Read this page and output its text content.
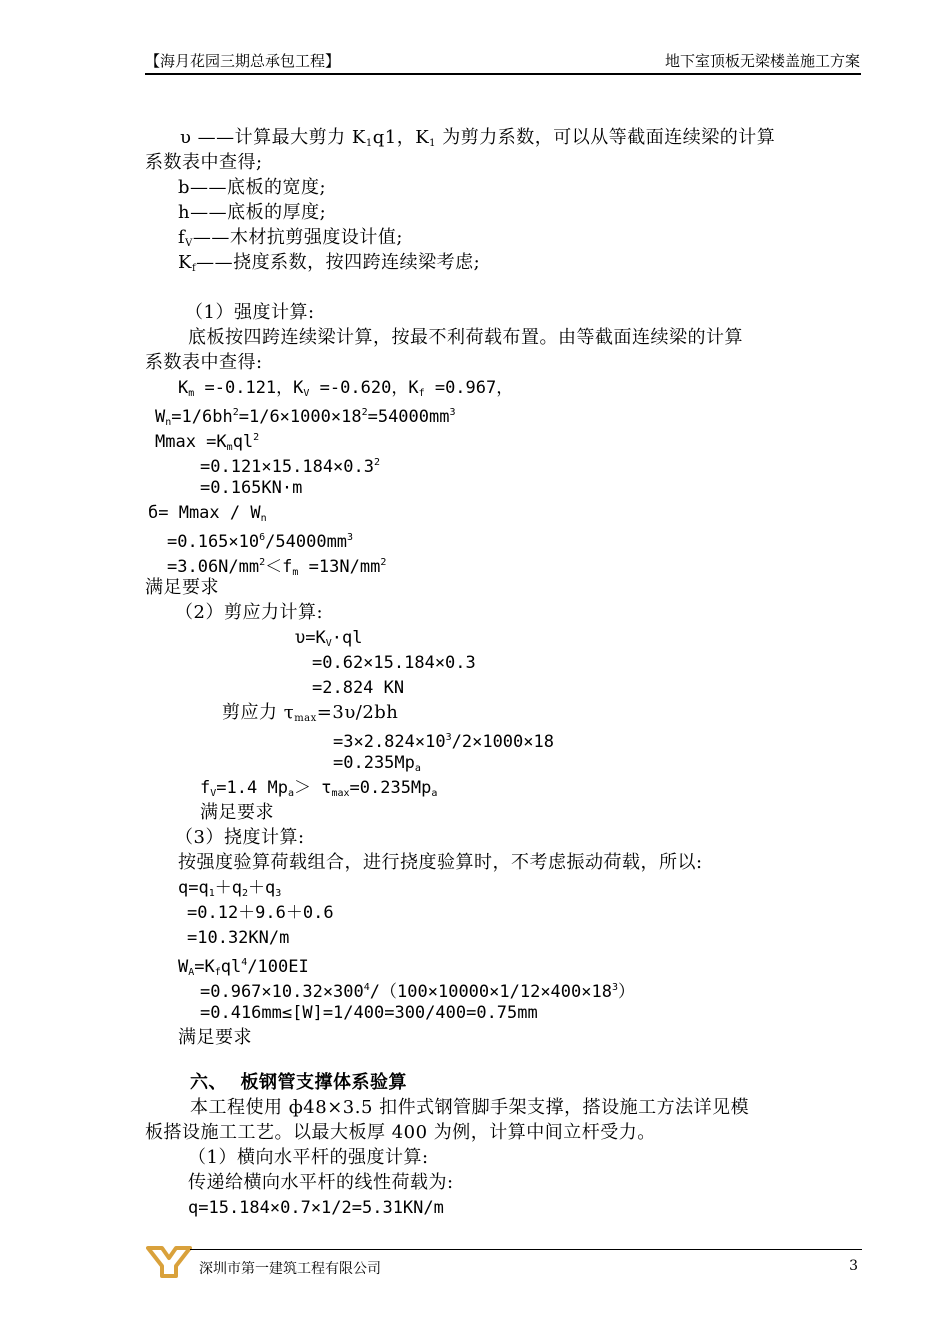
【海月花园三期总承包工程】	地下室顶板无梁楼盖施工方案
υ ——计算最大剪力 $K_1q1$，$K_1$ 为剪力系数，可以从等截面连续梁的计算
系数表中查得;
b——底板的宽度;
h——底板的厚度;
$f_V——$木材抗剪强度设计值;
$K_f——$挠度系数，按四跨连续梁考虑;
（1）强度计算:
底板按四跨连续梁计算，按最不利荷载布置。由等截面连续梁的计算
系数表中查得:
$K_m =-0.121$，$K_V =-0.620$，$K_f =0.967$，
$W_n=1/6bh^2=1/6\times 1000\times 18^2=54000mm^3$
$Mmax =K_mql^2$
$=0.121\times 15.184\times 0.3^2$
=0.165KN·m
$б= Mmax / W_n$
$=0.165\times 10^6/54000mm^3$
$=3.06N/mm^2<f_m =13N/mm^2$
满足要求
（2）剪应力计算:
$\upsilon=K_V\cdot ql$
=0.62×15.184×0.3
=2.824 KN
剪应力 $\tau_{max}=3\upsilon/2bh$
$=3\times 2.824\times 10^3/2\times 1000\times 18$
$=0.235Mp_a$
$f_V=1.4$ $Mp_a> \tau_{max}=0.235Mp_a$
满足要求
（3）挠度计算:
按强度验算荷载组合，进行挠度验算时，不考虑振动荷载，所以:
$q=q_1+q_2+q_3$
=0.12＋9.6＋0.6
=10.32KN/m
$W_A=K_fql^4/100EI$
$=0.967\times 10.32\times 300^4/(100\times 10000\times 1/12\times 400\times 18^3)$
=0.416mm≤[W]=1/400=300/400=0.75mm
满足要求
六、  板钢管支撑体系验算
本工程使用 ф48×3.5 扣件式钢管脚手架支撑，搭设施工方法详见模
板搭设施工工艺。以最大板厚 400 为例，计算中间立杆受力。
（1）横向水平杆的强度计算:
传递给横向水平杆的线性荷载为:
q=15.184×0.7×1/2=5.31KN/m
深圳市第一建筑工程有限公司	3
